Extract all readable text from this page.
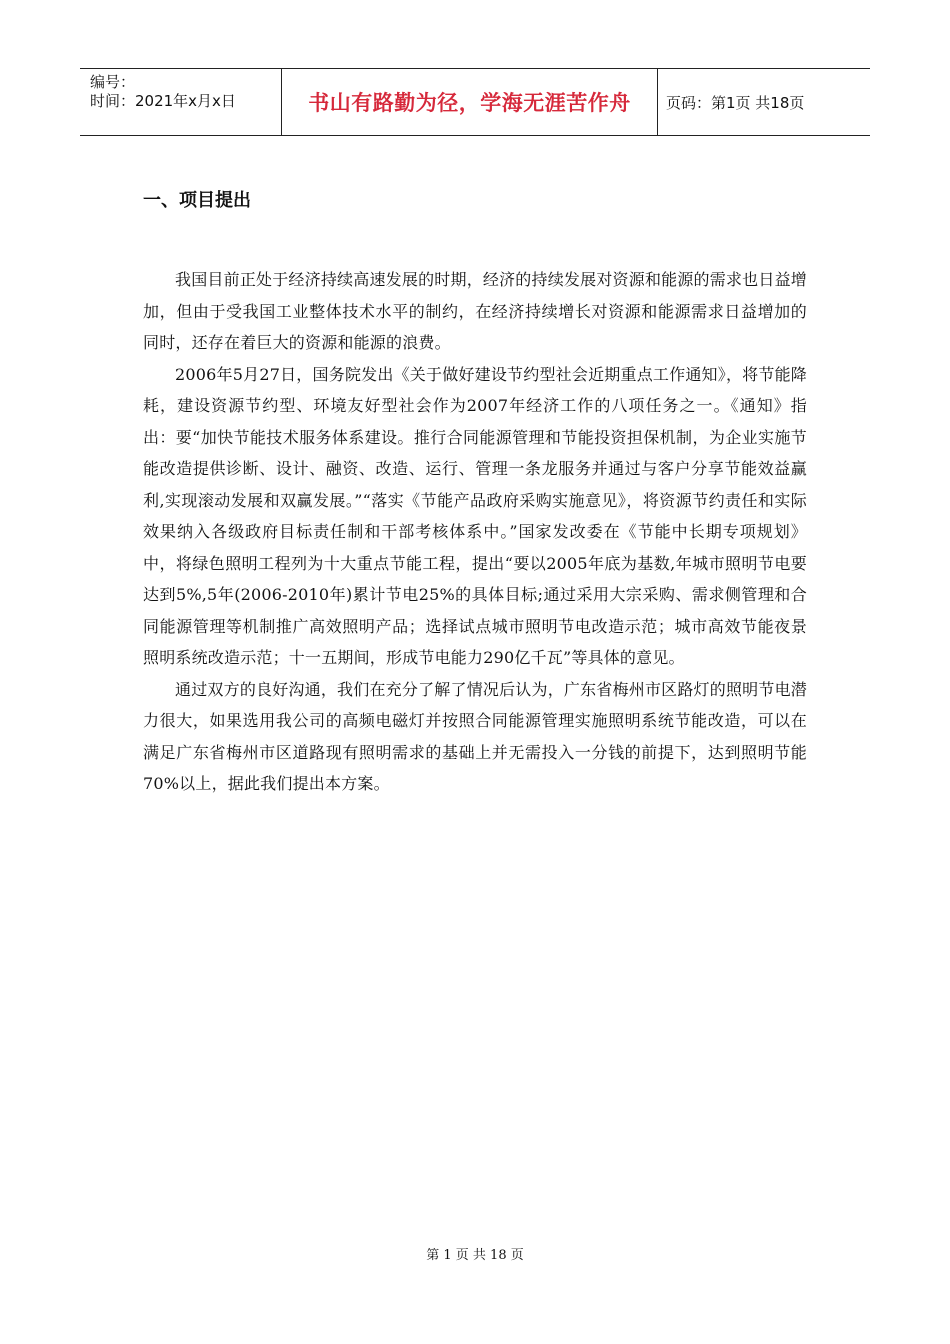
编号：
时间：2021年x月x日	书山有路勤为径，学海无涯苦作舟	页码：第1页 共18页
一、项目提出

我国目前正处于经济持续高速发展的时期，经济的持续发展对资源和能源的需求也日益增加，但由于受我国工业整体技术水平的制约，在经济持续增长对资源和能源需求日益增加的同时，还存在着巨大的资源和能源的浪费。

2006年5月27日，国务院发出《关于做好建设节约型社会近期重点工作通知》，将节能降耗，建设资源节约型、环境友好型社会作为2007年经济工作的八项任务之一。《通知》指出：要“加快节能技术服务体系建设。推行合同能源管理和节能投资担保机制，为企业实施节能改造提供诊断、设计、融资、改造、运行、管理一条龙服务并通过与客户分享节能效益赢利,实现滚动发展和双赢发展。”“落实《节能产品政府采购实施意见》，将资源节约责任和实际效果纳入各级政府目标责任制和干部考核体系中。”国家发改委在《节能中长期专项规划》中，将绿色照明工程列为十大重点节能工程，提出“要以2005年底为基数,年城市照明节电要达到5%,5年(2006-2010年)累计节电25%的具体目标;通过采用大宗采购、需求侧管理和合同能源管理等机制推广高效照明产品；选择试点城市照明节电改造示范；城市高效节能夜景照明系统改造示范；十一五期间，形成节电能力290亿千瓦”等具体的意见。

通过双方的良好沟通，我们在充分了解了情况后认为，广东省梅州市区路灯的照明节电潜力很大，如果选用我公司的高频电磁灯并按照合同能源管理实施照明系统节能改造，可以在满足广东省梅州市区道路现有照明需求的基础上并无需投入一分钱的前提下，达到照明节能70%以上，据此我们提出本方案。

第 1 页 共 18 页
